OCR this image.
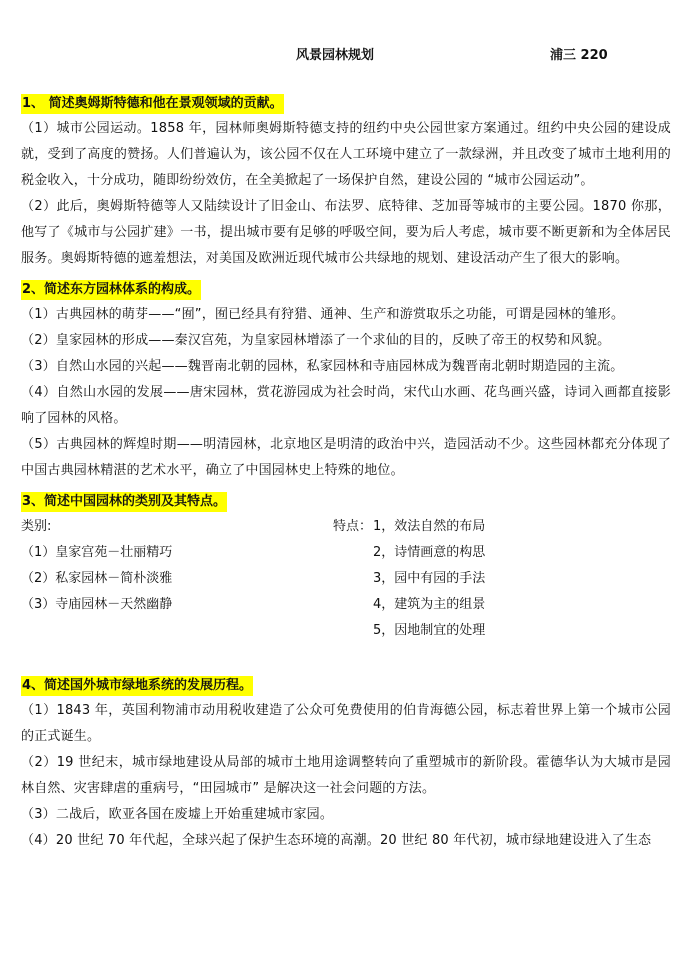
风景园林规划	浦三 220
1、 简述奥姆斯特德和他在景观领域的贡献。

（1）城市公园运动。1858 年，园林师奥姆斯特德支持的纽约中央公园世家方案通过。纽约中央公园的建设成就，受到了高度的赞扬。人们普遍认为，该公园不仅在人工环境中建立了一款绿洲，并且改变了城市土地利用的税金收入，十分成功，随即纷纷效仿，在全美掀起了一场保护自然，建设公园的 “城市公园运动”。

（2）此后，奥姆斯特德等人又陆续设计了旧金山、布法罗、底特律、芝加哥等城市的主要公园。1870 你那，他写了《城市与公园扩建》一书，提出城市要有足够的呼吸空间，要为后人考虑，城市要不断更新和为全体居民服务。奥姆斯特德的遮羞想法，对美国及欧洲近现代城市公共绿地的规划、建设活动产生了很大的影响。

2、简述东方园林体系的构成。

（1）古典园林的萌芽——“囿”，囿已经具有狩猎、通神、生产和游赏取乐之功能，可谓是园林的雏形。

（2）皇家园林的形成——秦汉宫苑，为皇家园林增添了一个求仙的目的，反映了帝王的权势和风貌。

（3）自然山水园的兴起——魏晋南北朝的园林，私家园林和寺庙园林成为魏晋南北朝时期造园的主流。

（4）自然山水园的发展——唐宋园林，赏花游园成为社会时尚，宋代山水画、花鸟画兴盛，诗词入画都直接影响了园林的风格。

（5）古典园林的辉煌时期——明清园林，北京地区是明清的政治中兴，造园活动不少。这些园林都充分体现了中国古典园林精湛的艺术水平，确立了中国园林史上特殊的地位。

3、简述中国园林的类别及其特点。
类别:
（1）皇家宫苑－壮丽精巧
（2）私家园林－简朴淡雅
（3）寺庙园林－天然幽静
特点： 1，效法自然的布局
2，诗情画意的构思
3，园中有园的手法
4，建筑为主的组景
5，因地制宜的处理
4、简述国外城市绿地系统的发展历程。

（1）1843 年，英国利物浦市动用税收建造了公众可免费使用的伯肯海德公园，标志着世界上第一个城市公园的正式诞生。

（2）19 世纪末，城市绿地建设从局部的城市土地用途调整转向了重塑城市的新阶段。霍德华认为大城市是园林自然、灾害肆虐的重病号，“田园城市” 是解决这一社会问题的方法。

（3）二战后，欧亚各国在废墟上开始重建城市家园。

（4）20 世纪 70 年代起，全球兴起了保护生态环境的高潮。20 世纪 80 年代初，城市绿地建设进入了生态
